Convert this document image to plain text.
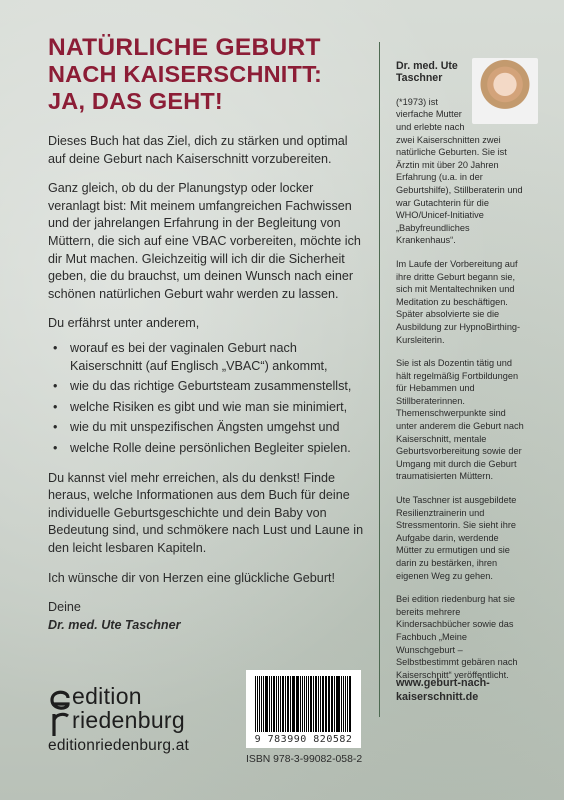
NATÜRLICHE GEBURT
NACH KAISERSCHNITT:
JA, DAS GEHT!

Dieses Buch hat das Ziel, dich zu stärken und optimal auf deine Geburt nach Kaiserschnitt vorzubereiten.

Ganz gleich, ob du der Planungstyp oder locker veranlagt bist: Mit meinem umfangreichen Fachwissen und der jahrelangen Erfahrung in der Begleitung von Müttern, die sich auf eine VBAC vorbereiten, möchte ich dir Mut machen. Gleichzeitig will ich dir die Sicherheit geben, die du brauchst, um deinen Wunsch nach einer schönen natürlichen Geburt wahr werden zu lassen.

Du erfährst unter anderem,

• worauf es bei der vaginalen Geburt nach Kaiserschnitt (auf Englisch „VBAC“) ankommt,
• wie du das richtige Geburtsteam zusammenstellst,
• welche Risiken es gibt und wie man sie minimiert,
• wie du mit unspezifischen Ängsten umgehst und
• welche Rolle deine persönlichen Begleiter spielen.

Du kannst viel mehr erreichen, als du denkst! Finde heraus, welche Informationen aus dem Buch für deine individuelle Geburtsgeschichte und dein Baby von Bedeutung sind, und schmökere nach Lust und Laune in den leicht lesbaren Kapiteln.

Ich wünsche dir von Herzen eine glückliche Geburt!

Deine

Dr. med. Ute Taschner

Dr. med. Ute Taschner

(*1973) ist vierfache Mutter und erlebte nach zwei Kaiserschnitten zwei natürliche Geburten. Sie ist Ärztin mit über 20 Jahren Erfahrung (u.a. in der Geburtshilfe), Stillberaterin und war Gutachterin für die WHO/Unicef-Initiative „Babyfreundliches Krankenhaus“.

Im Laufe der Vorbereitung auf ihre dritte Geburt begann sie, sich mit Mentaltechniken und Meditation zu beschäftigen. Später absolvierte sie die Ausbildung zur HypnoBirthing-Kursleiterin.

Sie ist als Dozentin tätig und hält regelmäßig Fortbildungen für Hebammen und Stillberaterinnen. Themenschwerpunkte sind unter anderem die Geburt nach Kaiserschnitt, mentale Geburtsvorbereitung sowie der Umgang mit durch die Geburt traumatisierten Müttern.

Ute Taschner ist ausgebildete Resilienztrainerin und Stressmentorin. Sie sieht ihre Aufgabe darin, werdende Mütter zu ermutigen und sie darin zu bestärken, ihren eigenen Weg zu gehen.

Bei edition riedenburg hat sie bereits mehrere Kindersachbücher sowie das Fachbuch „Meine Wunschgeburt – Selbstbestimmt gebären nach Kaiserschnitt“ veröffentlicht.

www.geburt-nach-
kaiserschnitt.de
edition
riedenburg
editionriedenburg.at	9 783990 820582
ISBN 978-3-99082-058-2
